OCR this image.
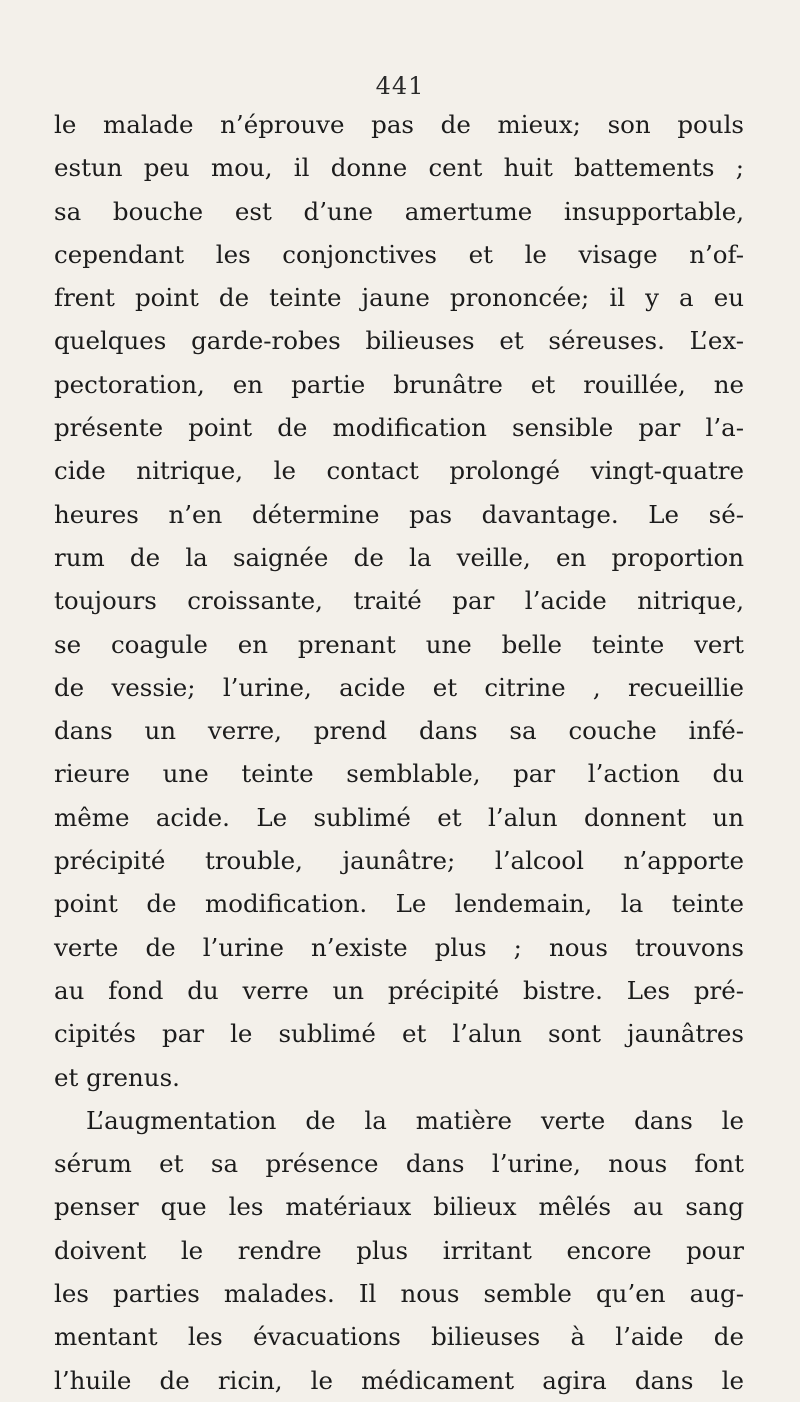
441
le malade n’éprouve pas de mieux; son pouls
estun peu mou, il donne cent huit battements ;
sa bouche est d’une amertume insupportable,
cependant les conjonctives et le visage n’of-
frent point de teinte jaune prononcée; il y a eu
quelques garde-robes bilieuses et séreuses. L’ex-
pectoration, en partie brunâtre et rouillée, ne
présente point de modification sensible par l’a-
cide nitrique, le contact prolongé vingt-quatre
heures n’en détermine pas davantage. Le sé-
rum de la saignée de la veille, en proportion
toujours croissante, traité par l’acide nitrique,
se coagule en prenant une belle teinte vert
de vessie; l’urine, acide et citrine , recueillie
dans un verre, prend dans sa couche infé-
rieure une teinte semblable, par l’action du
même acide. Le sublimé et l’alun donnent un
précipité trouble, jaunâtre; l’alcool n’apporte
point de modification. Le lendemain, la teinte
verte de l’urine n’existe plus ; nous trouvons
au fond du verre un précipité bistre. Les pré-
cipités par le sublimé et l’alun sont jaunâtres
et grenus.
L’augmentation de la matière verte dans le
sérum et sa présence dans l’urine, nous font
penser que les matériaux bilieux mêlés au sang
doivent le rendre plus irritant encore pour
les parties malades. Il nous semble qu’en aug-
mentant les évacuations bilieuses à l’aide de
l’huile de ricin, le médicament agira dans le
